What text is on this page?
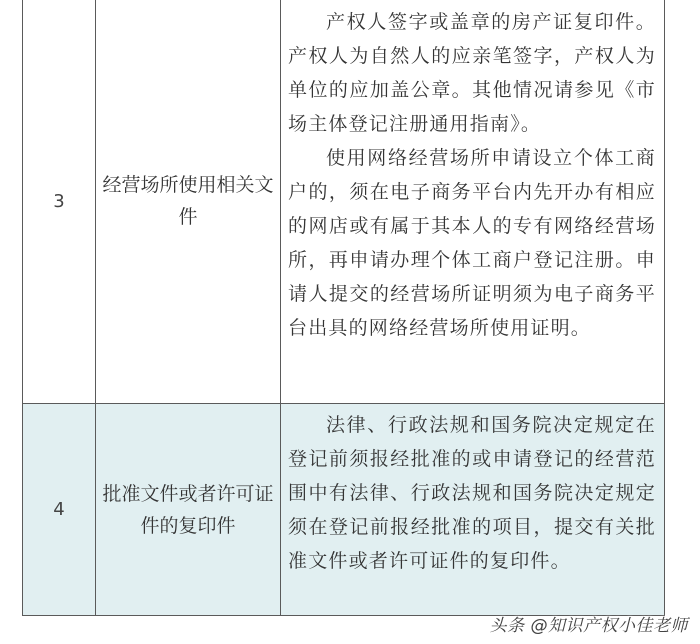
3	经营场所使用相关文件	产权人签字或盖章的房产证复印件。产权人为自然人的应亲笔签字，产权人为单位的应加盖公章。其他情况请参见《市场主体登记注册通用指南》。

使用网络经营场所申请设立个体工商户的，须在电子商务平台内先开办有相应的网店或有属于其本人的专有网络经营场所，再申请办理个体工商户登记注册。申请人提交的经营场所证明须为电子商务平台出具的网络经营场所使用证明。

4	批准文件或者许可证件的复印件	法律、行政法规和国务院决定规定在登记前须报经批准的或申请登记的经营范围中有法律、行政法规和国务院决定规定须在登记前报经批准的项目，提交有关批准文件或者许可证件的复印件。

头条 @知识产权小佳老师
